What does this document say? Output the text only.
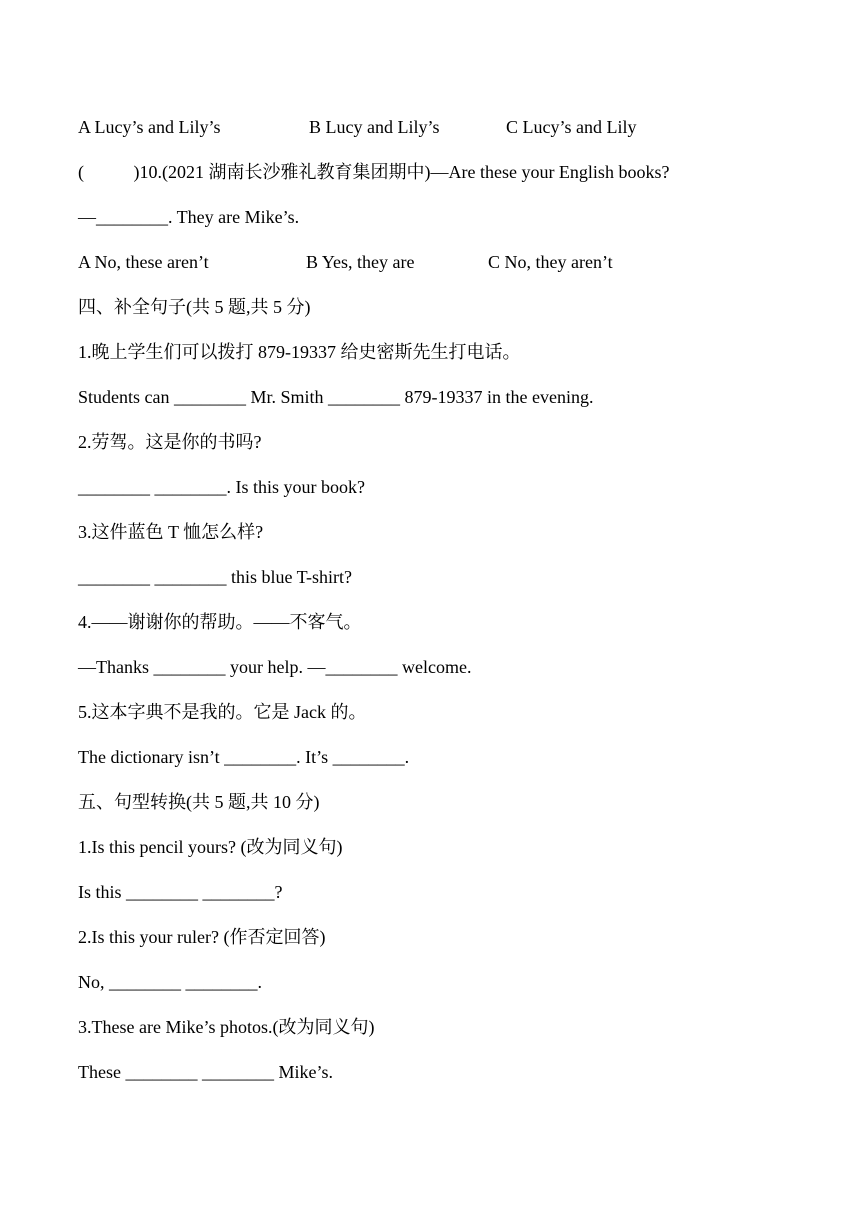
A Lucy’s and Lily’s

	B Lucy and Lily’s

	C Lucy’s and Lily

(           )10.(2021 湖南长沙雅礼教育集团期中)—Are these your English books?
—________. They are Mike’s.

A No, these aren’t

	B Yes, they are

	C No, they aren’t

四、补全句子(共 5 题,共 5 分)
1.晚上学生们可以拨打 879-19337 给史密斯先生打电话。
Students can ________ Mr. Smith ________ 879-19337 in the evening.
2.劳驾。这是你的书吗?
________ ________. Is this your book?
3.这件蓝色 T 恤怎么样?
________ ________ this blue T-shirt?
4.——谢谢你的帮助。——不客气。
—Thanks ________ your help. —________ welcome.
5.这本字典不是我的。它是 Jack 的。
The dictionary isn’t ________. It’s ________.
五、句型转换(共 5 题,共 10 分)
1.Is this pencil yours? (改为同义句)
Is this ________ ________?
2.Is this your ruler? (作否定回答)
No, ________ ________.
3.These are Mike’s photos.(改为同义句)
These ________ ________ Mike’s.
